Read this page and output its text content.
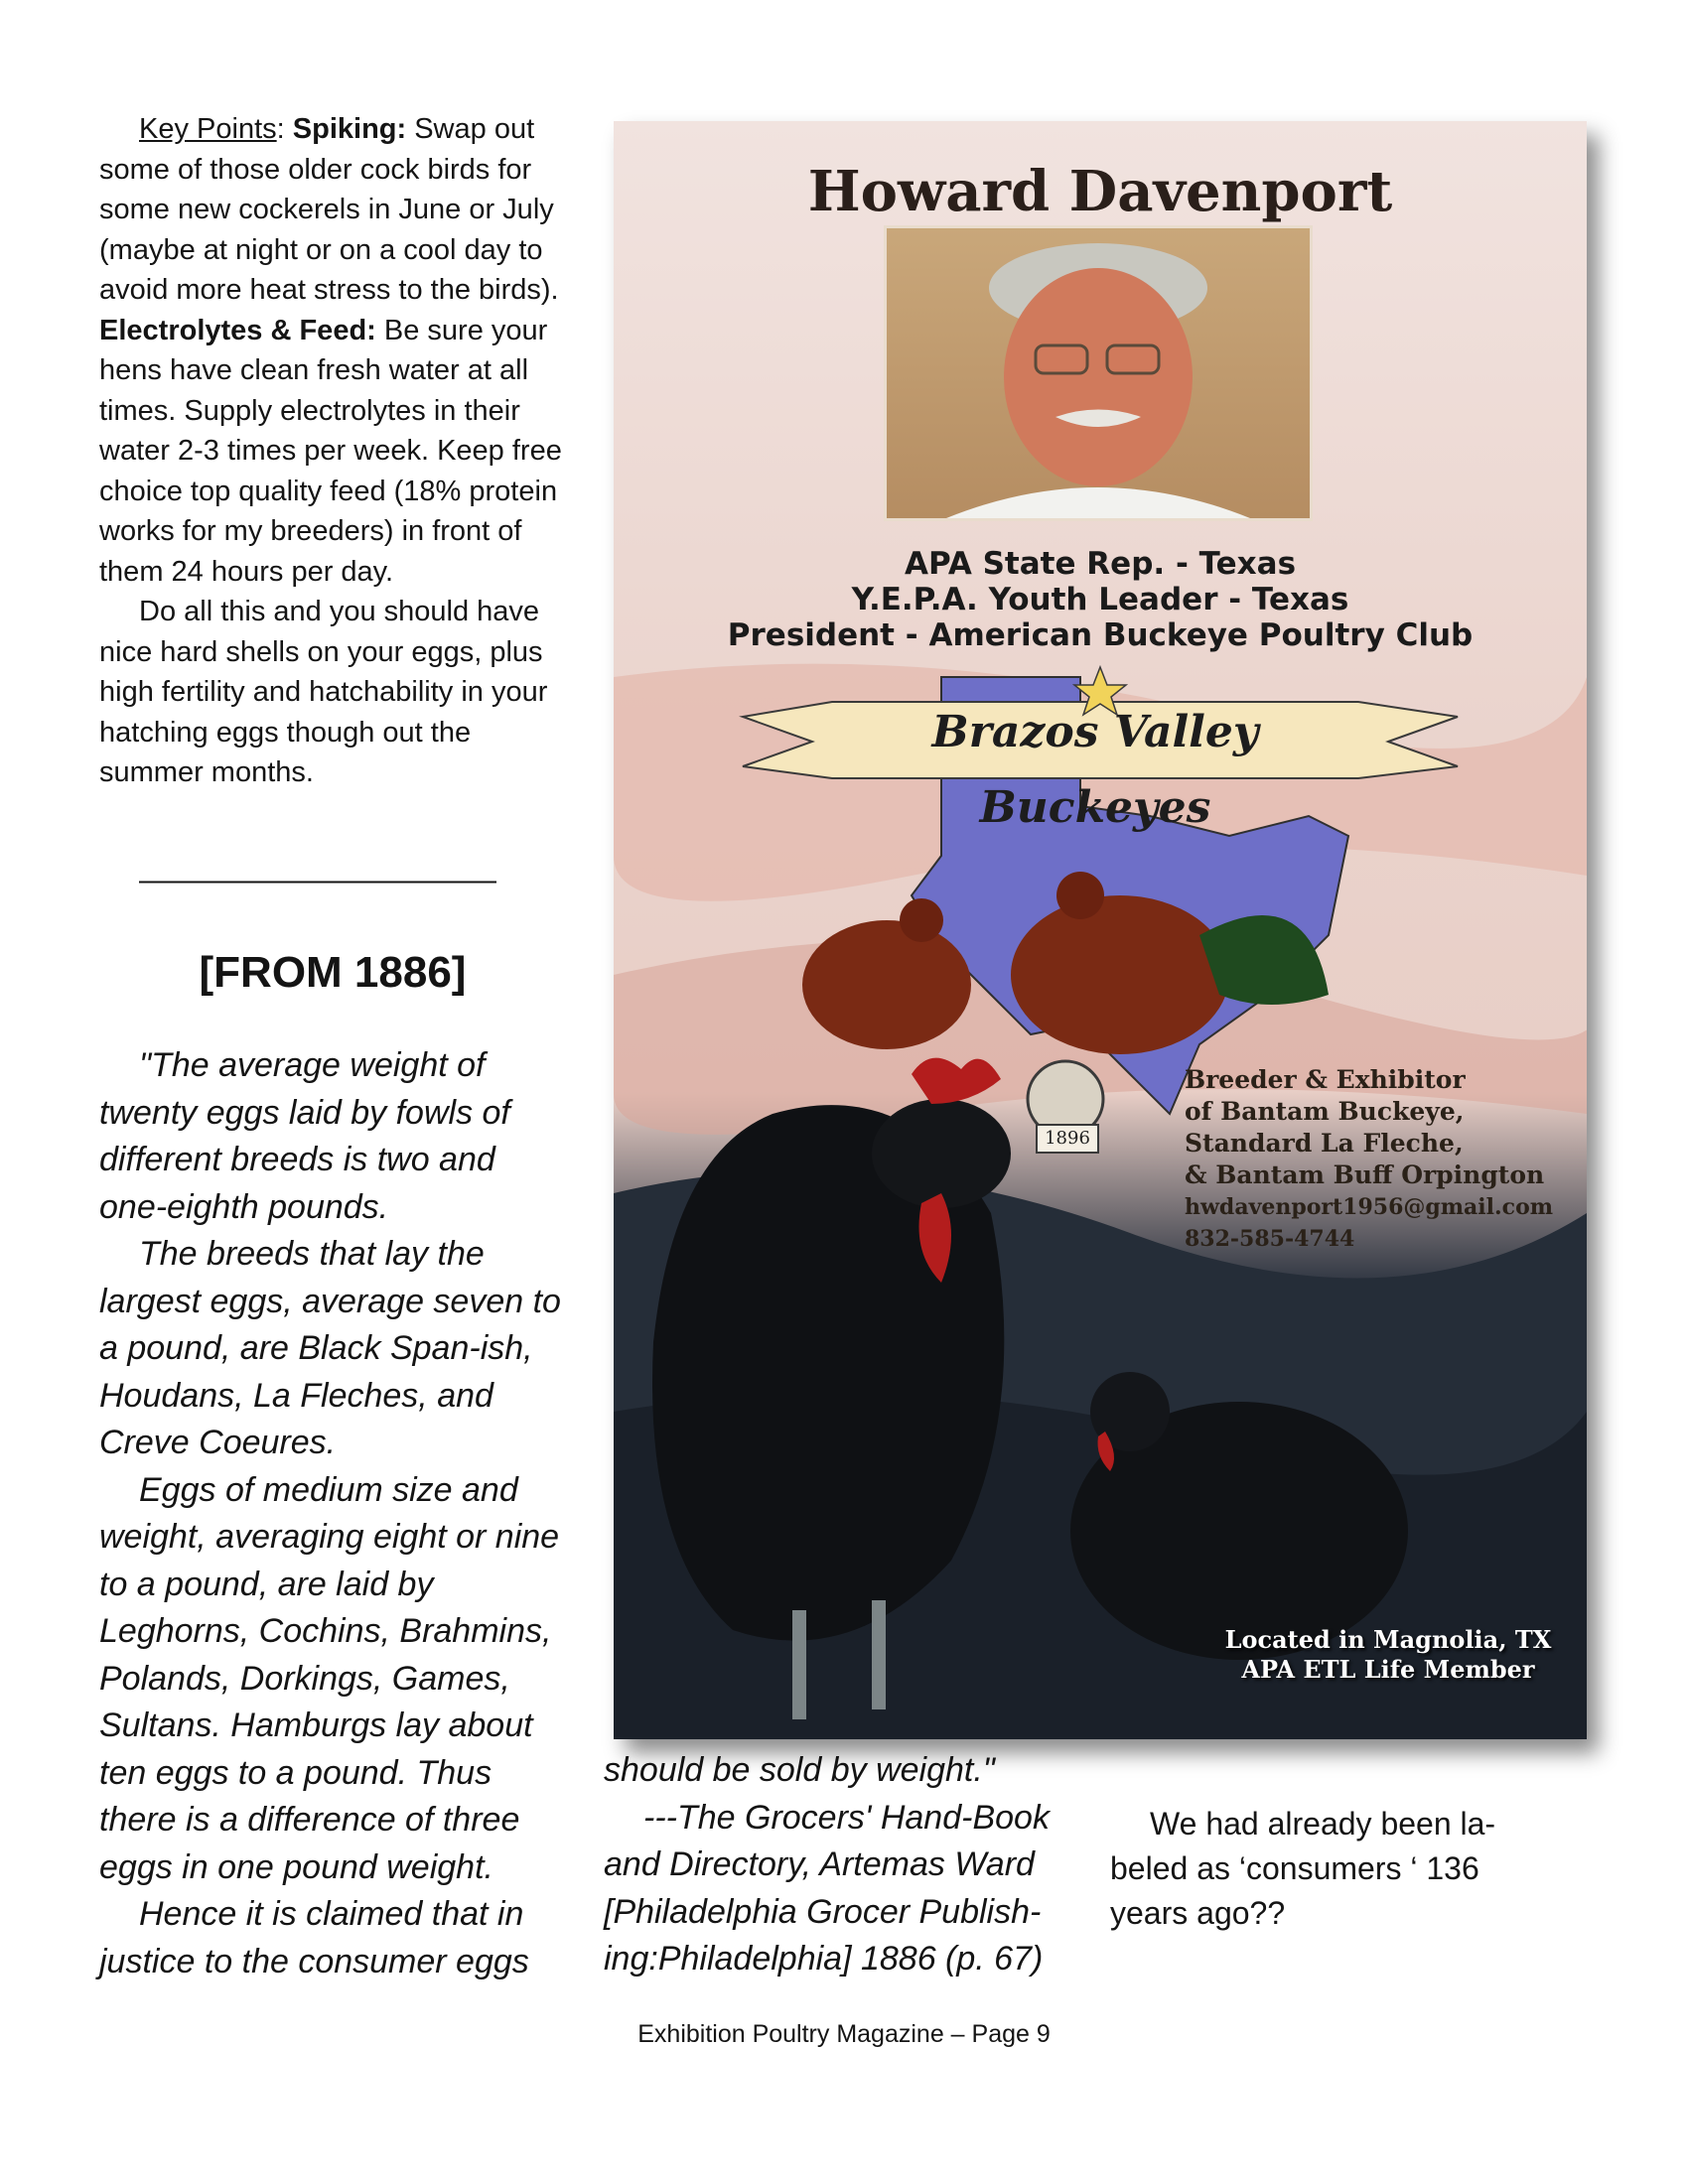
Key Points: Spiking: Swap out some of those older cock birds for some new cockerels in June or July (maybe at night or on a cool day to avoid more heat stress to the birds). Electrolytes & Feed: Be sure your hens have clean fresh water at all times. Supply electrolytes in their water 2-3 times per week. Keep free choice top quality feed (18% protein works for my breeders) in front of them 24 hours per day.

Do all this and you should have nice hard shells on your eggs, plus high fertility and hatchability in your hatching eggs though out the summer months.

————————————
[FROM 1886]

"The average weight of twenty eggs laid by fowls of different breeds is two and one-eighth pounds.

The breeds that lay the largest eggs, average seven to a pound, are Black Span-ish, Houdans, La Fleches, and Creve Coeures.

Eggs of medium size and weight, averaging eight or nine to a pound, are laid by Leghorns, Cochins, Brahmins, Polands, Dorkings, Games, Sultans. Hamburgs lay about ten eggs to a pound. Thus there is a difference of three eggs in one pound weight.

Hence it is claimed that in justice to the consumer eggs

should be sold by weight."

---The Grocers' Hand-Book and Directory, Artemas Ward [Philadelphia Grocer Publish-ing:Philadelphia] 1886 (p. 67)

We had already been la-beled as ‘consumers ‘ 136 years ago??

Howard Davenport
APA State Rep. - Texas
Y.E.P.A. Youth Leader - Texas
President - American Buckeye Poultry Club
Brazos Valley Buckeyes
1896
Breeder & Exhibitor
of Bantam Buckeye,
Standard La Fleche,
& Bantam Buff Orpington
hwdavenport1956@gmail.com
832-585-4744
Located in Magnolia, TX
APA ETL Life Member
Exhibition Poultry Magazine – Page 9
